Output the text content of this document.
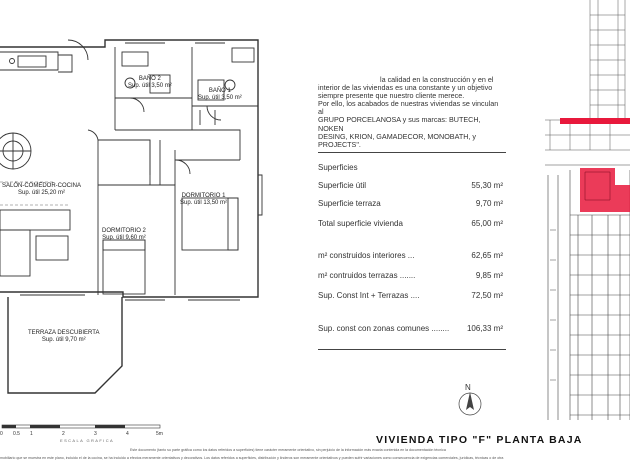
BAÑO 2
Sup. útil 3,50 m²
BAÑO 1
Sup. útil 3,50 m²
SALÓN-COMEDOR-COCINA
Sup. útil 25,20 m²	DORMITORIO 1
Sup. útil 13,50 m²
DORMITORIO 2
Sup. útil 9,60 m²
TERRAZA DESCUBIERTA
Sup. útil 9,70 m²
la calidad en la construcción y en el
interior de las viviendas es una constante y un objetivo
siempre presente que nuestro cliente merece.
Por ello, los acabados de nuestras viviendas se vinculan al
GRUPO PORCELANOSA y sus marcas: BUTECH, NOKEN
DESING, KRION, GAMADECOR, MONOBATH, y PROJECTS".
Superficies
Superficie útil	55,30 m²
Superficie terraza	9,70 m²
Total superficie vivienda	65,00 m²
m² construidos interiores ...	62,65 m²
m² contruidos terrazas .......	9,85 m²
Sup. Const Int + Terrazas ....	72,50 m²
Sup. const con zonas comunes ........ 106,33 m²
N
0 0.5 1	2	3	4	5m
ESCALA GRAFICA	VIVIENDA TIPO "F" PLANTA BAJA
Este documento (tanto su parte gráfica como los datos referidos a superficies) tiene carácter meramente orientativo, sin perjuicio de la información más exacta contenida en la documentación técnica
mobiliario que se muestra en este plano, incluido el de la cocina, se ha incluido a efectos meramente orientativos y decorativos. Los datos referidos a superficies, distribución y linderos son meramente orientativos y pueden sufrir variaciones como consecuencia de exigencias comerciales, jurídicas, técnicas o de otra
